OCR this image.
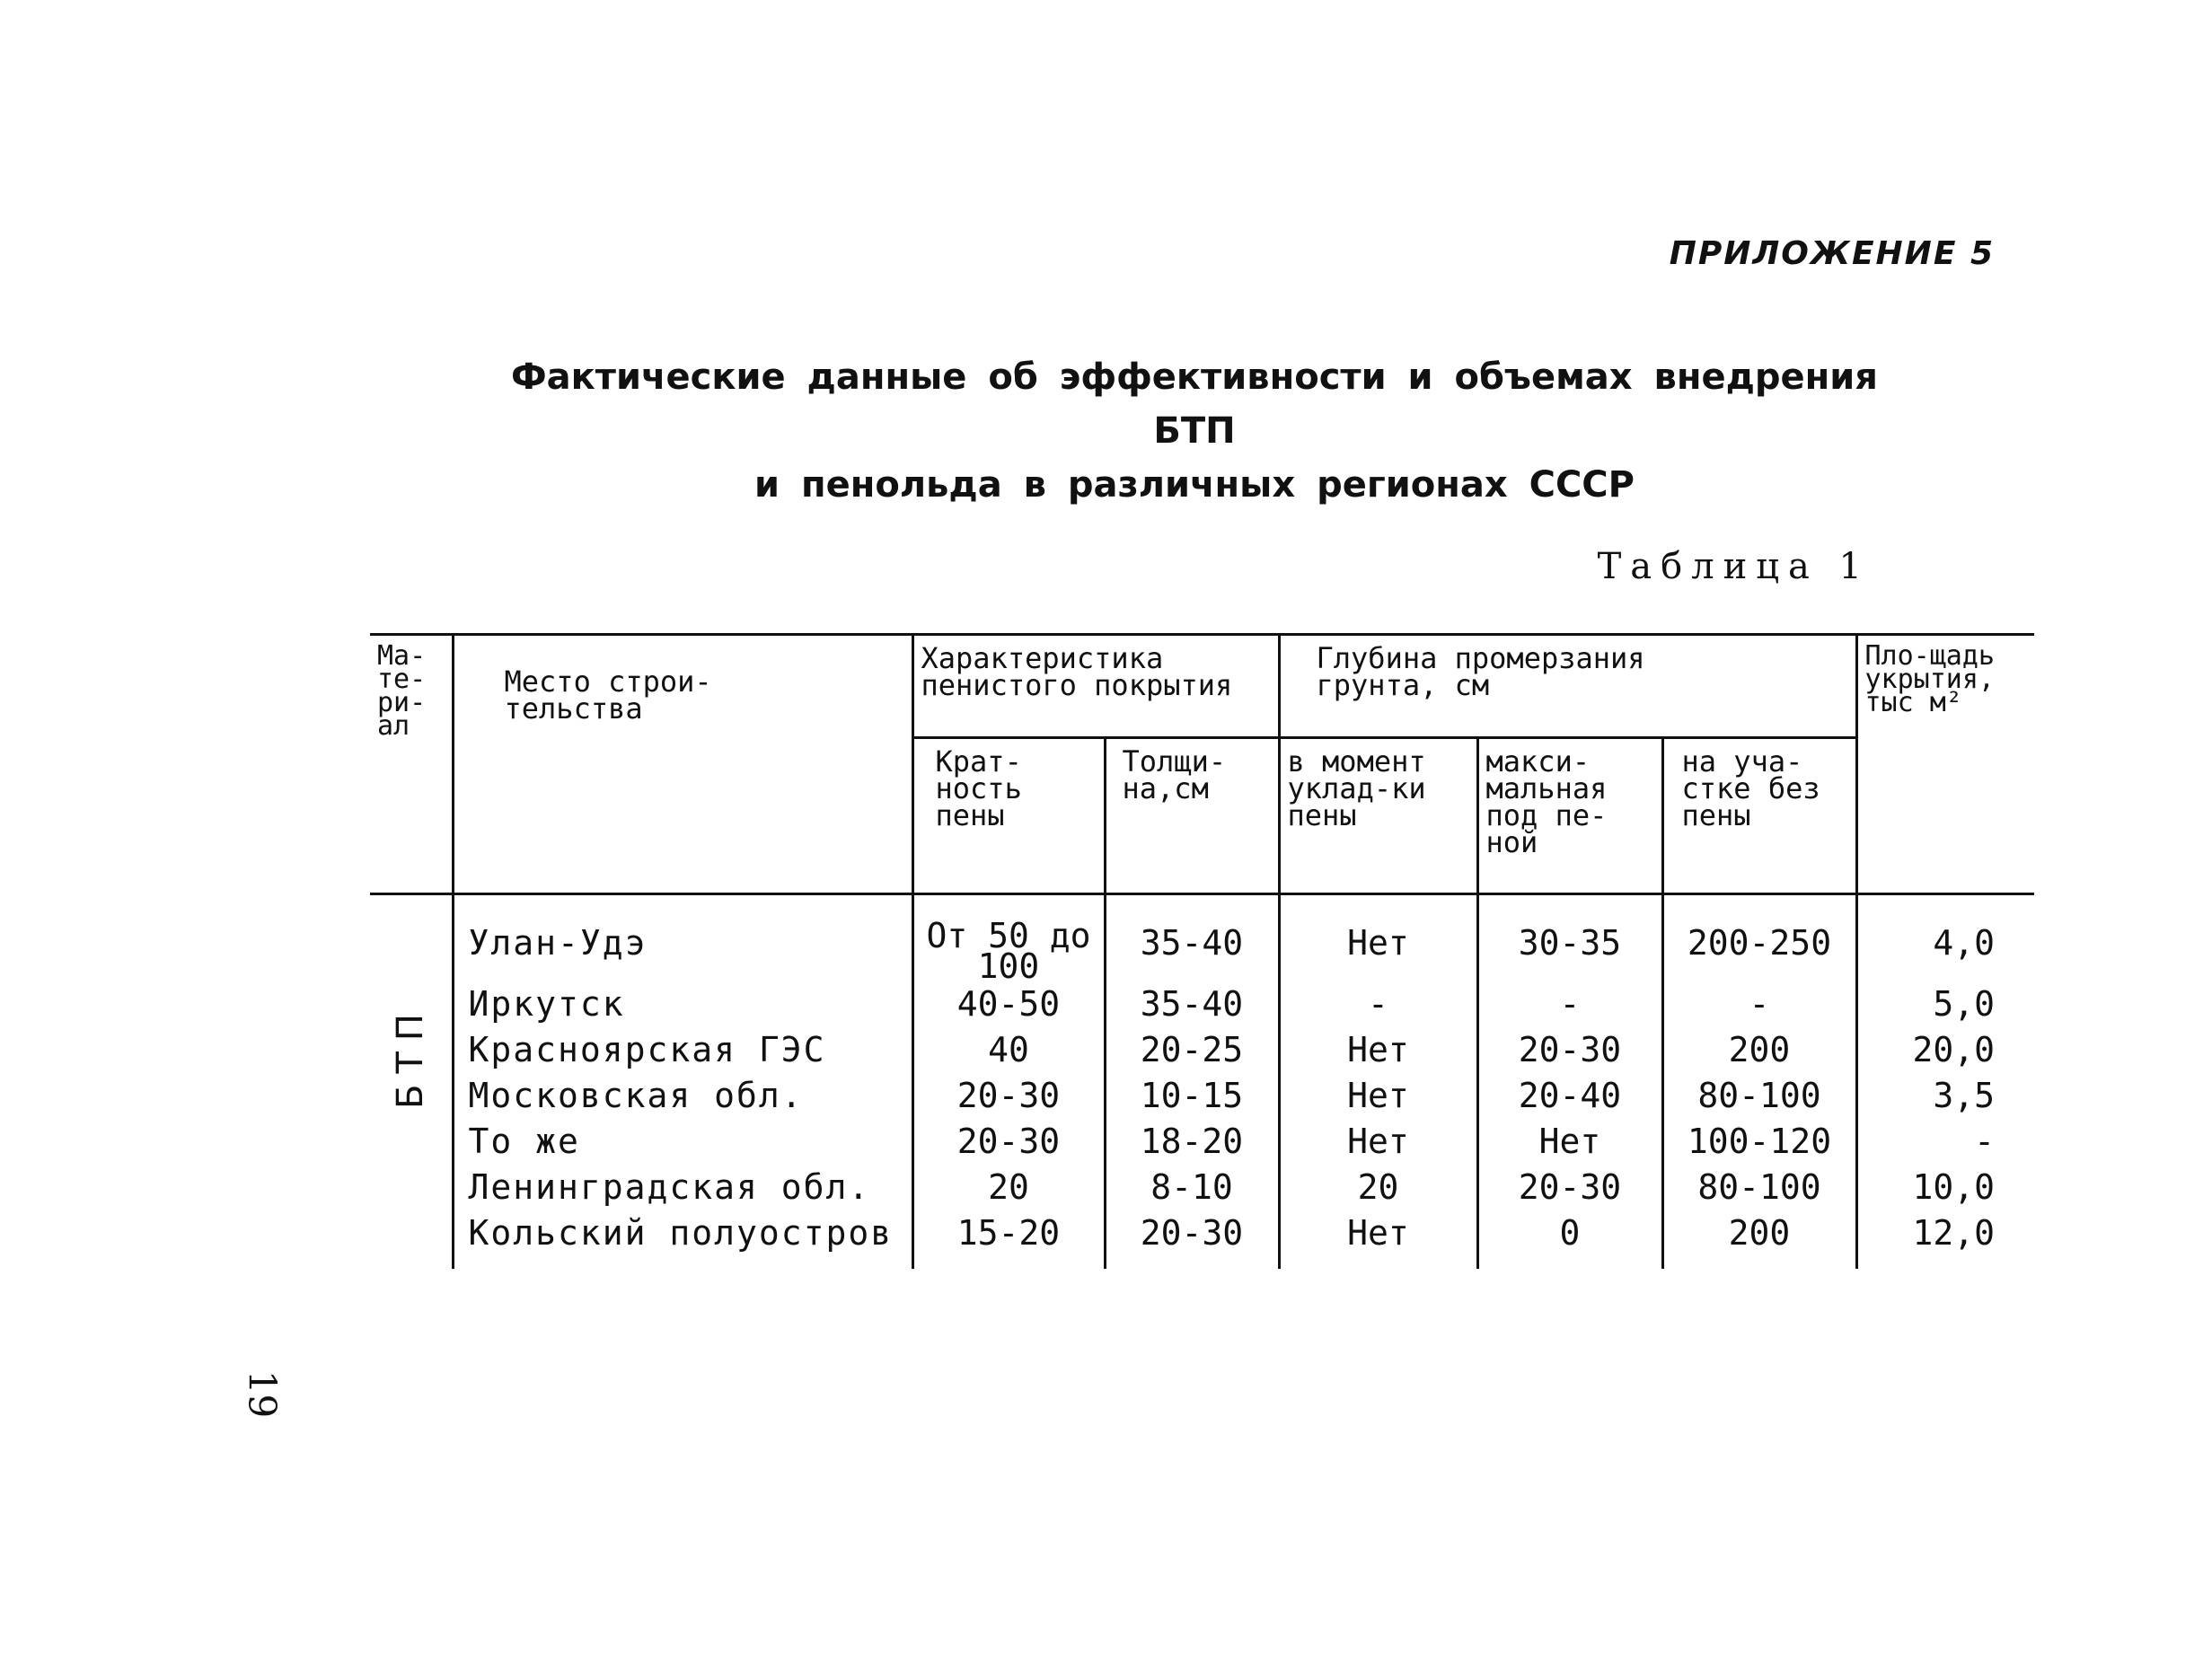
ПРИЛОЖЕНИЕ 5
Фактические данные об эффективности и объемах внедрения БТП
и пенольда в различных регионах СССР
Таблица 1
Ма-те-ри-ал	Место строи-тельства	Характеристика пенистого покрытия		Глубина промерзания грунта, см			Пло-щадь укрытия, тыс м²
		Крат-ность пены	Толщи-на,см	в момент уклад-ки пены	макси-мальная под пе-ной	на уча-стке без пены	

БТП	Улан-Удэ	От 50 до 100	35-40	Нет	30-35	200-250	4,0
	Иркутск	40-50	35-40	-	-	-	5,0
	Красноярская ГЭС	40	20-25	Нет	20-30	200	20,0
	Московская обл.	20-30	10-15	Нет	20-40	80-100	3,5
	То же	20-30	18-20	Нет	Нет	100-120	-
	Ленинградская обл.	20	8-10	20	20-30	80-100	10,0
	Кольский полуостров	15-20	20-30	Нет	0	200	12,0
19
